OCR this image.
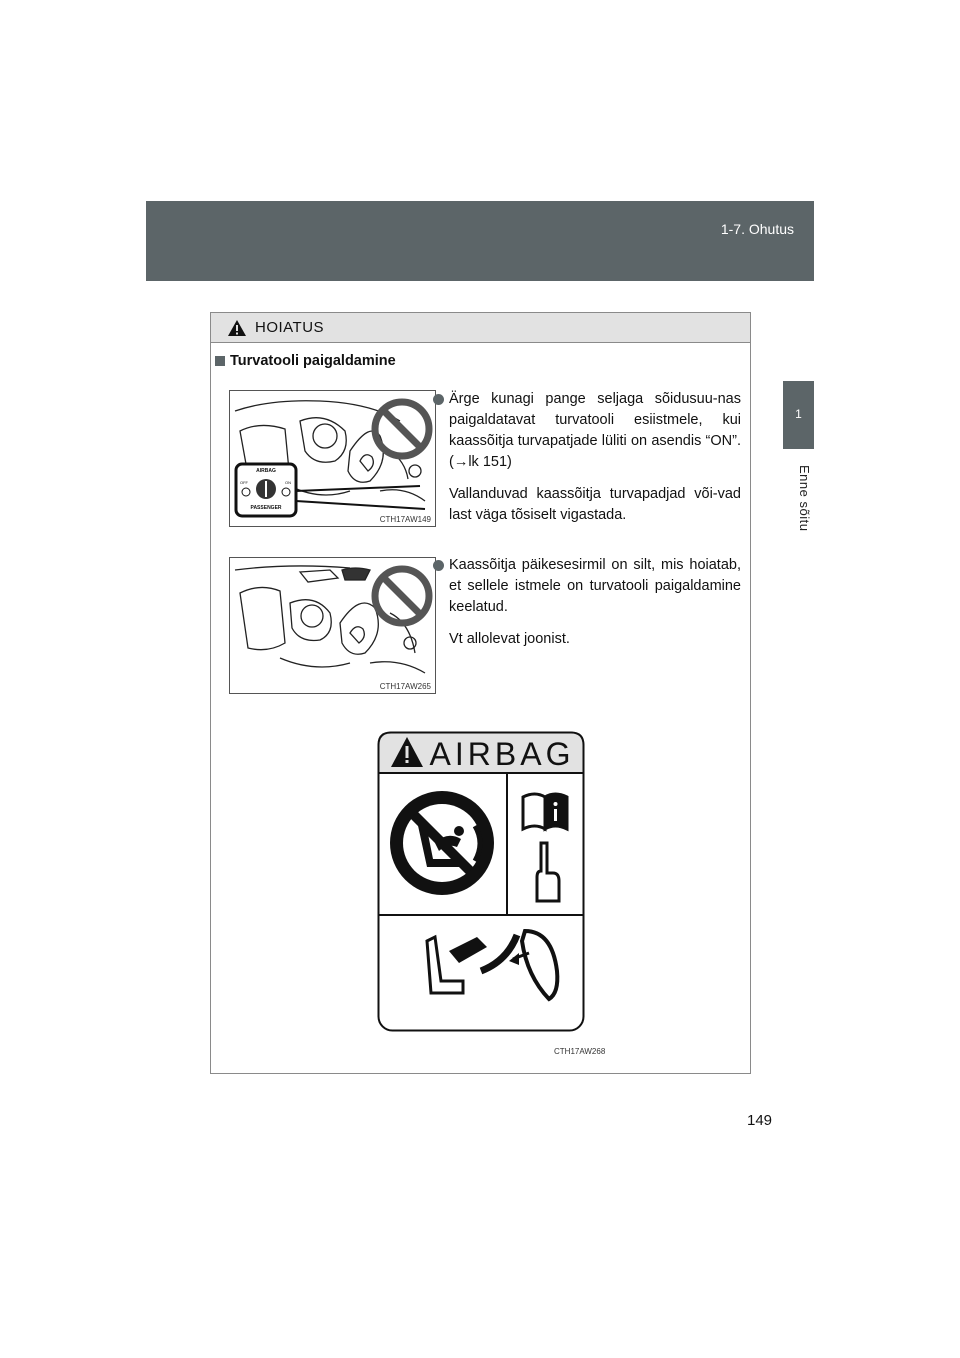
1-7. Ohutus
1
Enne sõitu
HOIATUS
Turvatooli paigaldamine
AIRBAG
OFF	ON
PASSENGER
CTH17AW149

Ärge kunagi pange seljaga sõidusuu-nas paigaldatavat turvatooli esiistmele, kui kaassõitja turvapatjade lüliti on asendis “ON”. (→lk 151)

Vallanduvad kaassõitja turvapadjad või-vad last väga tõsiselt vigastada.

CTH17AW265

Kaassõitja päikesesirmil on silt, mis hoiatab, et sellele istmele on turvatooli paigaldamine keelatud.

Vt allolevat joonist.

AIRBAG
CTH17AW268
149
